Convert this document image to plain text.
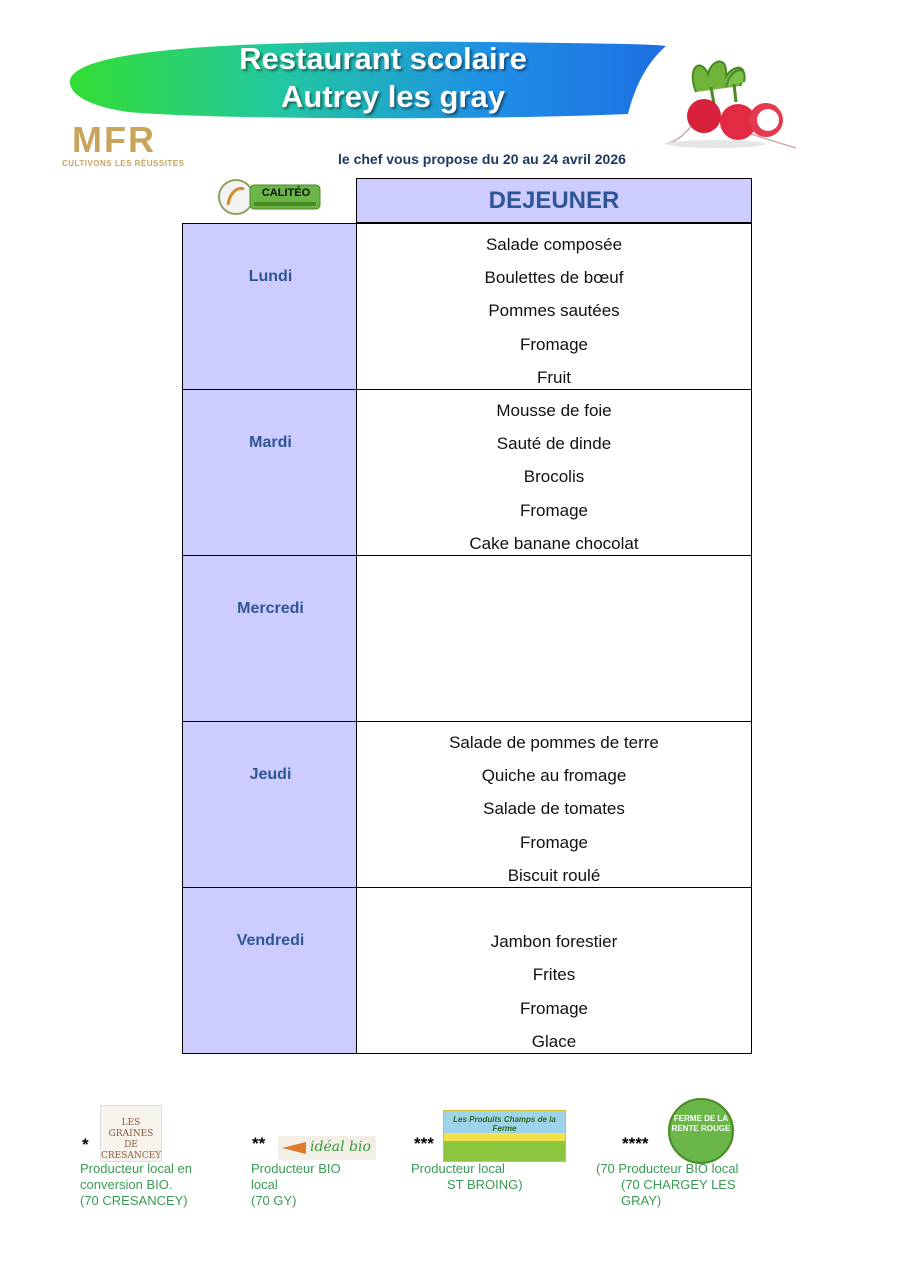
Restaurant scolaire
Autrey les gray
MFR
CULTIVONS LES RÉUSSITES	le chef vous propose du 20 au 24 avril 2026
CALITÉO	DEJEUNER
Lundi
Salade composée
Boulettes de bœuf
Pommes sautées
Fromage
Fruit
Mardi
Mousse de foie
Sauté de dinde
Brocolis
Fromage
Cake banane chocolat
Mercredi
Jeudi
Salade de pommes de terre
Quiche au fromage
Salade de tomates
Fromage
Biscuit roulé
Vendredi	Jambon forestier
Frites
Fromage
Glace
*
LES GRAINES DE CRESANCEY
Producteur local en
conversion BIO.
(70 CRESANCEY)
**	idéal bio
Producteur BIO
local
(70 GY)
***
Les Produits Champs de la Ferme
Producteur local
ST BROING)
****
FERME DE LA RENTE ROUGE
(70 Producteur BIO local
(70 CHARGEY LES
GRAY)
